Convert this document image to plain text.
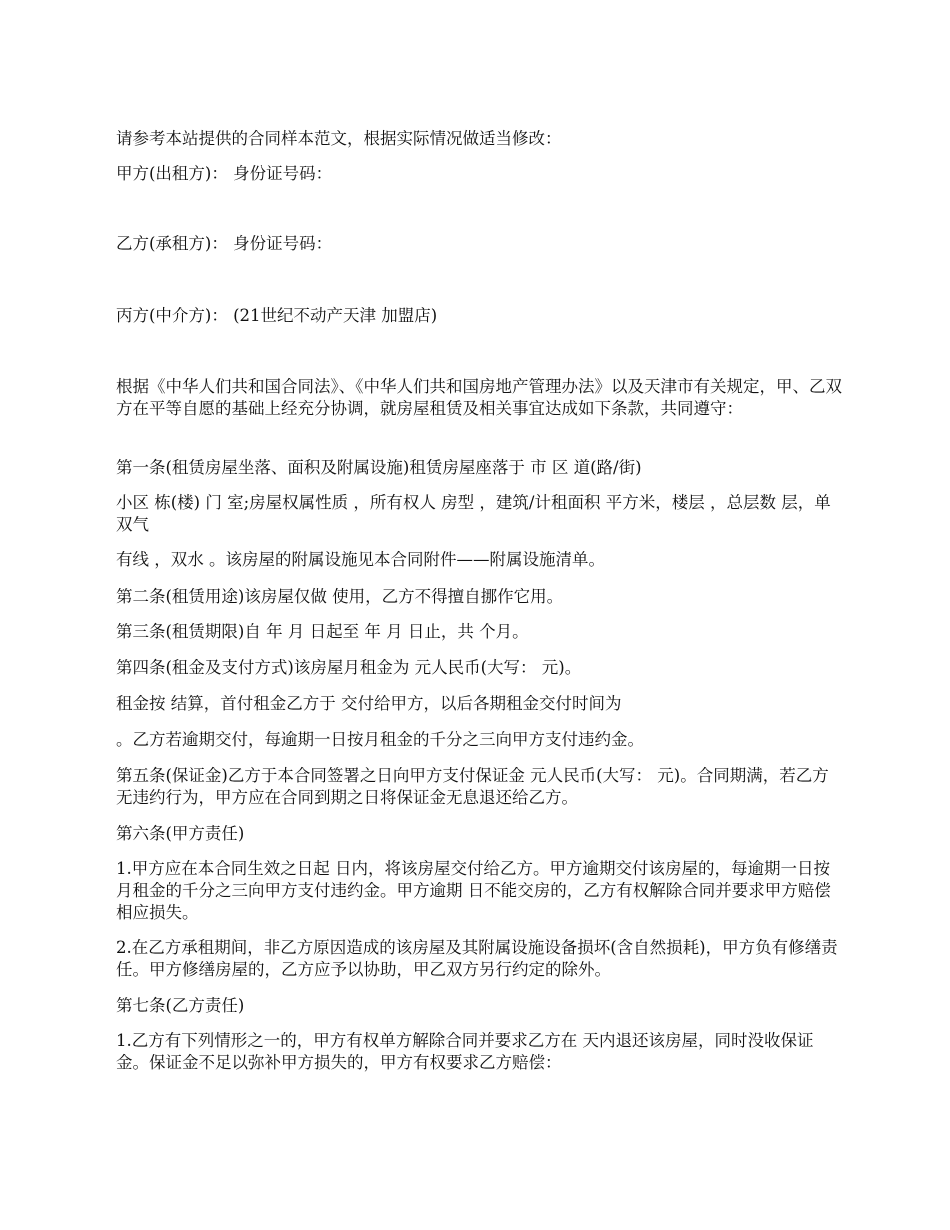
请参考本站提供的合同样本范文，根据实际情况做适当修改：

甲方(出租方)： 身份证号码：

乙方(承租方)： 身份证号码：

丙方(中介方)： (21世纪不动产天津 加盟店)

根据《中华人们共和国合同法》、《中华人们共和国房地产管理办法》以及天津市有关规定，甲、乙双方在平等自愿的基础上经充分协调，就房屋租赁及相关事宜达成如下条款，共同遵守：

第一条(租赁房屋坐落、面积及附属设施)租赁房屋座落于 市 区 道(路/街)

小区 栋(楼) 门 室;房屋权属性质 ，所有权人 房型 ，建筑/计租面积 平方米，楼层 ，总层数 层，单双气

有线 ，双水 。该房屋的附属设施见本合同附件——附属设施清单。

第二条(租赁用途)该房屋仅做 使用，乙方不得擅自挪作它用。

第三条(租赁期限)自 年 月 日起至 年 月 日止，共 个月。

第四条(租金及支付方式)该房屋月租金为 元人民币(大写： 元)。

租金按 结算，首付租金乙方于 交付给甲方，以后各期租金交付时间为

。乙方若逾期交付，每逾期一日按月租金的千分之三向甲方支付违约金。

第五条(保证金)乙方于本合同签署之日向甲方支付保证金 元人民币(大写： 元)。合同期满，若乙方无违约行为，甲方应在合同到期之日将保证金无息退还给乙方。

第六条(甲方责任)

1.甲方应在本合同生效之日起 日内，将该房屋交付给乙方。甲方逾期交付该房屋的，每逾期一日按月租金的千分之三向甲方支付违约金。甲方逾期 日不能交房的，乙方有权解除合同并要求甲方赔偿相应损失。

2.在乙方承租期间，非乙方原因造成的该房屋及其附属设施设备损坏(含自然损耗)，甲方负有修缮责任。甲方修缮房屋的，乙方应予以协助，甲乙双方另行约定的除外。

第七条(乙方责任)

1.乙方有下列情形之一的，甲方有权单方解除合同并要求乙方在 天内退还该房屋，同时没收保证金。保证金不足以弥补甲方损失的，甲方有权要求乙方赔偿：
